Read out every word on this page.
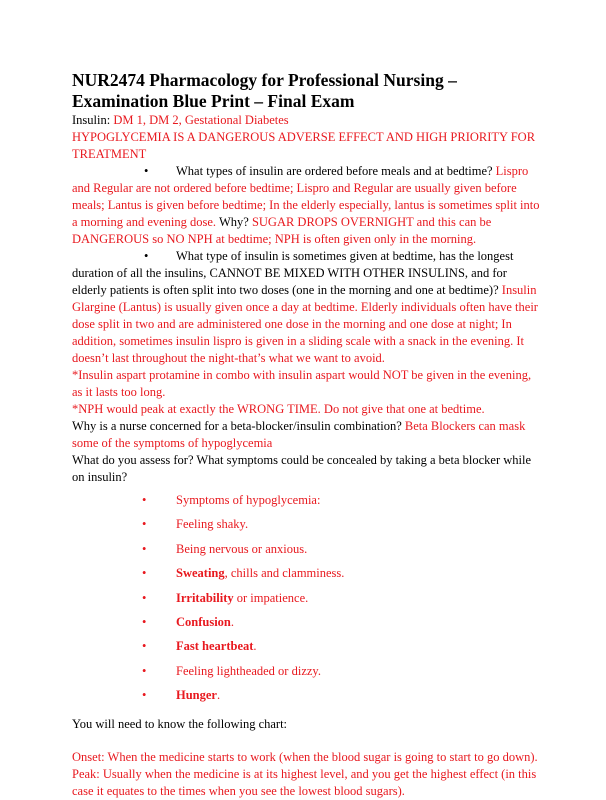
NUR2474 Pharmacology for Professional Nursing – Examination Blue Print – Final Exam

Insulin: DM 1, DM 2, Gestational Diabetes

HYPOGLYCEMIA IS A DANGEROUS ADVERSE EFFECT AND HIGH PRIORITY FOR TREATMENT

• What types of insulin are ordered before meals and at bedtime? Lispro and Regular are not ordered before bedtime; Lispro and Regular are usually given before meals; Lantus is given before bedtime; In the elderly especially, lantus is sometimes split into a morning and evening dose. Why? SUGAR DROPS OVERNIGHT and this can be DANGEROUS so NO NPH at bedtime; NPH is often given only in the morning.

• What type of insulin is sometimes given at bedtime, has the longest duration of all the insulins, CANNOT BE MIXED WITH OTHER INSULINS, and for elderly patients is often split into two doses (one in the morning and one at bedtime)? Insulin Glargine (Lantus) is usually given once a day at bedtime. Elderly individuals often have their dose split in two and are administered one dose in the morning and one dose at night; In addition, sometimes insulin lispro is given in a sliding scale with a snack in the evening. It doesn’t last throughout the night-that’s what we want to avoid.

*Insulin aspart protamine in combo with insulin aspart would NOT be given in the evening, as it lasts too long.

*NPH would peak at exactly the WRONG TIME. Do not give that one at bedtime.

Why is a nurse concerned for a beta-blocker/insulin combination? Beta Blockers can mask some of the symptoms of hypoglycemia

What do you assess for? What symptoms could be concealed by taking a beta blocker while on insulin?

• Symptoms of hypoglycemia:
• Feeling shaky.
• Being nervous or anxious.
• Sweating, chills and clamminess.
• Irritability or impatience.
• Confusion.
• Fast heartbeat.
• Feeling lightheaded or dizzy.
• Hunger.

You will need to know the following chart:

Onset: When the medicine starts to work (when the blood sugar is going to start to go down).

Peak: Usually when the medicine is at its highest level, and you get the highest effect (in this case it equates to the times when you see the lowest blood sugars).
